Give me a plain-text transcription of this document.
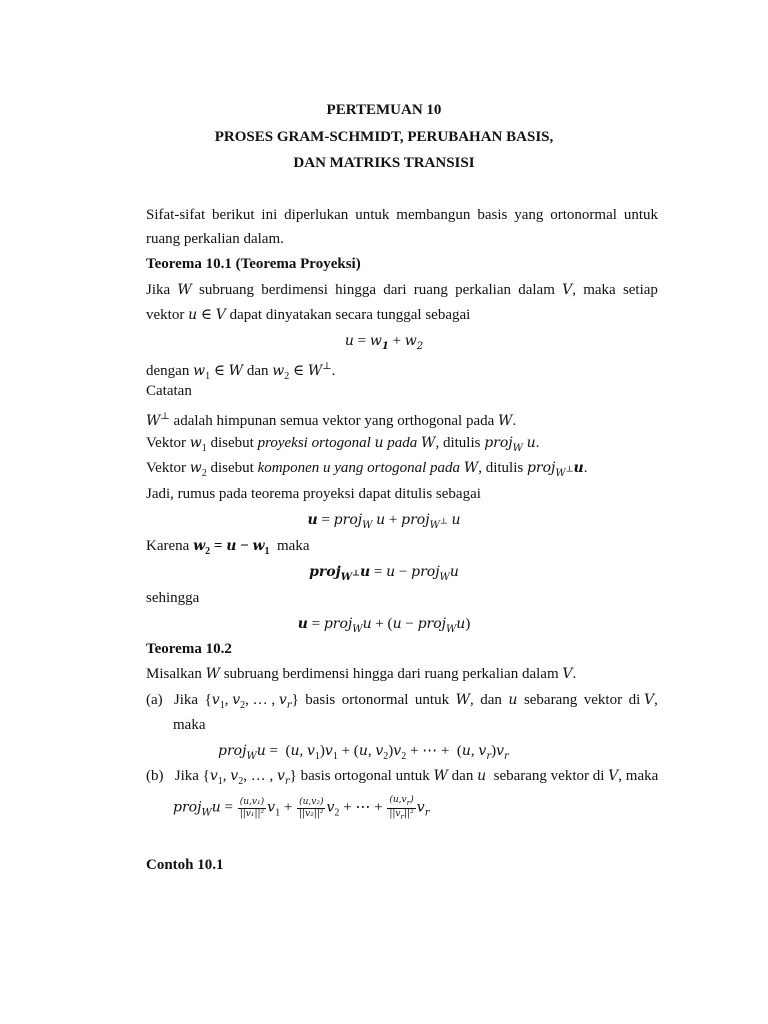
PERTEMUAN 10
PROSES GRAM-SCHMIDT, PERUBAHAN BASIS,
DAN MATRIKS TRANSISI
Sifat-sifat berikut ini diperlukan untuk membangun basis yang ortonormal untuk
ruang perkalian dalam.
Teorema 10.1 (Teorema Proyeksi)
Jika W subruang berdimensi hingga dari ruang perkalian dalam V, maka setiap
vektor u ∈ V dapat dinyatakan secara tunggal sebagai
$u = w_1 + w_2$
dengan $w_1$ ∈ W dan $w_2$ ∈ W⊥.
Catatan
W⊥ adalah himpunan semua vektor yang orthogonal pada W.
Vektor $w_1$ disebut proyeksi ortogonal u pada W, ditulis proj$_W$ u.
Vektor $w_2$ disebut komponen u yang ortogonal pada W, ditulis proj$_{W^\perp}$u.
Jadi, rumus pada teorema proyeksi dapat ditulis sebagai
u = proj$_W$ u + proj$_{W^\perp}$ u
Karena $w_2 = u - w_1$  maka
proj$_{W^\perp}$u = u − proj$_W$u
sehingga
u = proj$_W$u + (u − proj$_W$u)
Teorema 10.2
Misalkan W subruang berdimensi hingga dari ruang perkalian dalam V.
(a)   Jika {$v_1$, $v_2$, … , $v_r$} basis ortonormal untuk W, dan u sebarang vektor di V,
maka
proj$_W$u =  (u, $v_1)v_1 + (u$, $v_2)v_2$ + ⋯ +  (u, $v_r)v_r$
(b)   Jika {$v_1$, $v_2$, … , $v_r$} basis ortogonal untuk W dan u  sebarang vektor di V, maka
proj$_W$u = $\frac{\text{(u,v₁)}}{\text{||v₁||²}} v_1 + \frac{\text{(u,v₂)}}{\text{||v₂||²}} v_2$ + ⋯ + $\frac{(u,v_r)}{||v_r||^2} v_r$
Contoh 10.1
